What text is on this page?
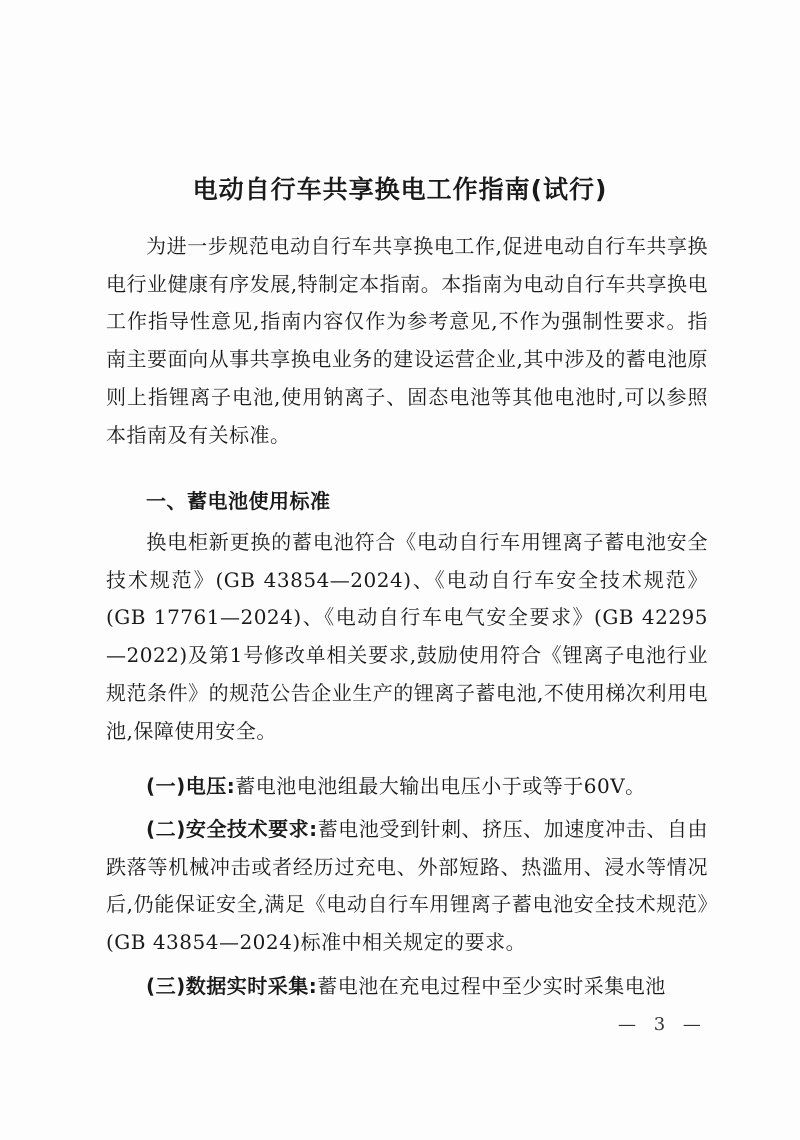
电动自行车共享换电工作指南(试行)
为进一步规范电动自行车共享换电工作,促进电动自行车共享换电行业健康有序发展,特制定本指南。本指南为电动自行车共享换电工作指导性意见,指南内容仅作为参考意见,不作为强制性要求。指南主要面向从事共享换电业务的建设运营企业,其中涉及的蓄电池原则上指锂离子电池,使用钠离子、固态电池等其他电池时,可以参照本指南及有关标准。
一、蓄电池使用标准
换电柜新更换的蓄电池符合《电动自行车用锂离子蓄电池安全技术规范》(GB 43854—2024)、《电动自行车安全技术规范》(GB 17761—2024)、《电动自行车电气安全要求》(GB 42295—2022)及第1号修改单相关要求,鼓励使用符合《锂离子电池行业规范条件》的规范公告企业生产的锂离子蓄电池,不使用梯次利用电池,保障使用安全。
(一)电压:蓄电池电池组最大输出电压小于或等于60V。
(二)安全技术要求:蓄电池受到针刺、挤压、加速度冲击、自由跌落等机械冲击或者经历过充电、外部短路、热滥用、浸水等情况后,仍能保证安全,满足《电动自行车用锂离子蓄电池安全技术规范》(GB 43854—2024)标准中相关规定的要求。
(三)数据实时采集:蓄电池在充电过程中至少实时采集电池
— 3 —
